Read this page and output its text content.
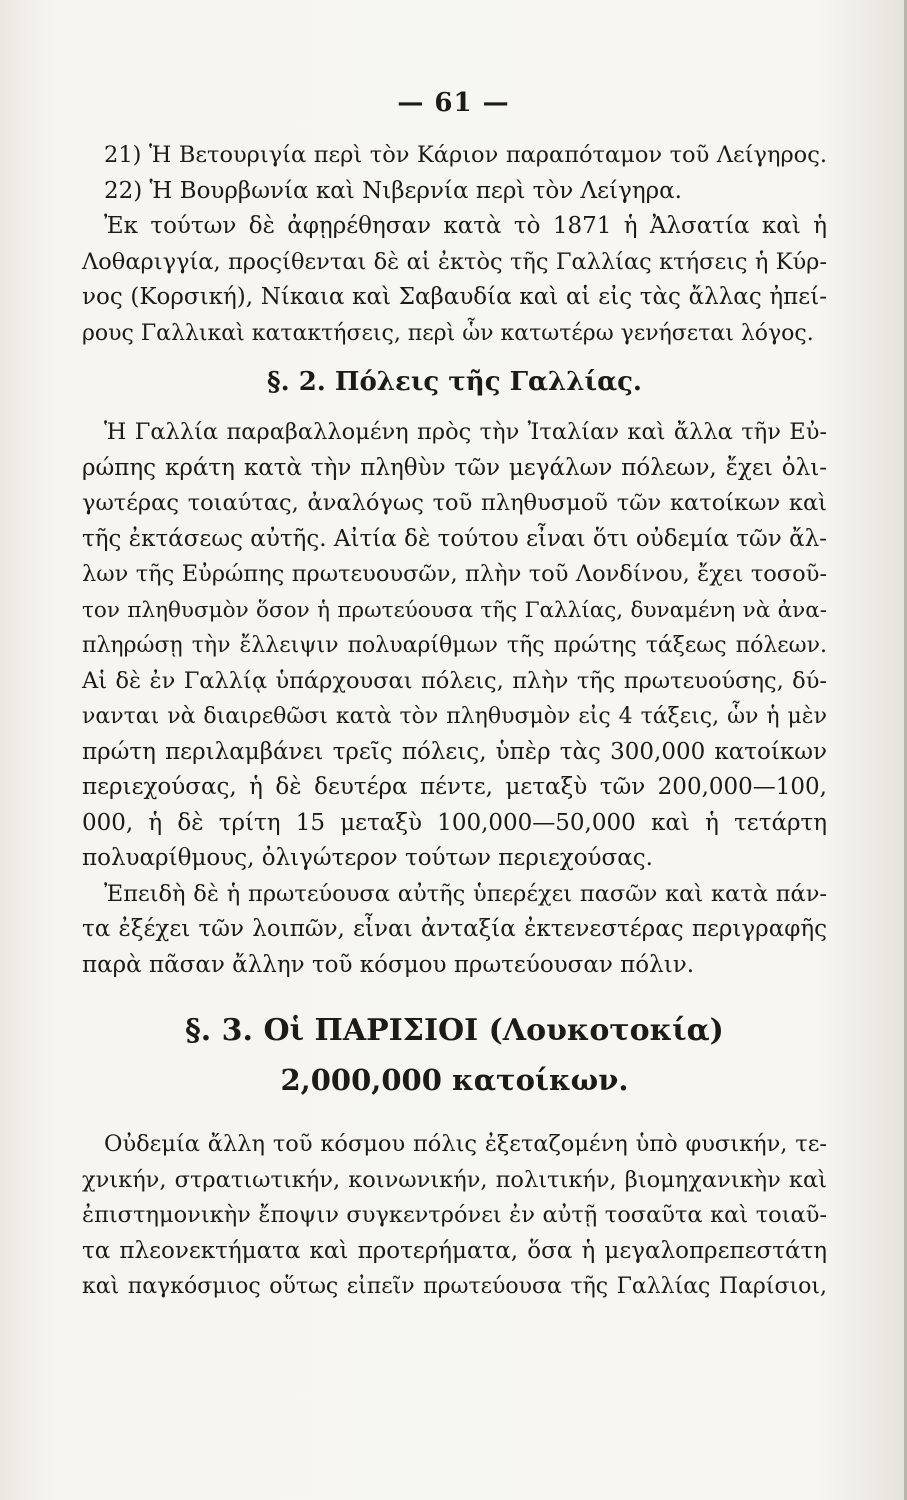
— 61 —
21) Ἡ Βετουριγία περὶ τὸν Κάριον παραπόταμον τοῦ Λείγηρος.
22) Ἡ Βουρβωνία καὶ Νιβερνία περὶ τὸν Λείγηρα.
Ἐκ τούτων δὲ ἀφῃρέθησαν κατὰ τὸ 1871 ἡ Ἀλσατία καὶ ἡ
Λοθαριγγία, προςίθενται δὲ αἱ ἐκτὸς τῆς Γαλλίας κτήσεις ἡ Κύρ-
νος (Κορσική), Νίκαια καὶ Σαβαυδία καὶ αἱ εἰς τὰς ἄλλας ἠπεί-
ρους Γαλλικαὶ κατακτήσεις, περὶ ὧν κατωτέρω γενήσεται λόγος.
§. 2. Πόλεις τῆς Γαλλίας.
Ἡ Γαλλία παραβαλλομένη πρὸς τὴν Ἰταλίαν καὶ ἄλλα τῆν Εὐ-
ρώπης κράτη κατὰ τὴν πληθὺν τῶν μεγάλων πόλεων, ἔχει ὀλι-
γωτέρας τοιαύτας, ἀναλόγως τοῦ πληθυσμοῦ τῶν κατοίκων καὶ
τῆς ἐκτάσεως αὐτῆς. Αἰτία δὲ τούτου εἶναι ὅτι οὐδεμία τῶν ἄλ-
λων τῆς Εὐρώπης πρωτευουσῶν, πλὴν τοῦ Λονδίνου, ἔχει τοσοῦ-
τον πληθυσμὸν ὅσον ἡ πρωτεύουσα τῆς Γαλλίας, δυναμένη νὰ ἀνα-
πληρώσῃ τὴν ἔλλειψιν πολυαρίθμων τῆς πρώτης τάξεως πόλεων.
Αἱ δὲ ἐν Γαλλίᾳ ὑπάρχουσαι πόλεις, πλὴν τῆς πρωτευούσης, δύ-
νανται νὰ διαιρεθῶσι κατὰ τὸν πληθυσμὸν εἰς 4 τάξεις, ὧν ἡ μὲν
πρώτη περιλαμβάνει τρεῖς πόλεις, ὑπὲρ τὰς 300,000 κατοίκων
περιεχούσας, ἡ δὲ δευτέρα πέντε, μεταξὺ τῶν 200,000—100,
000, ἡ δὲ τρίτη 15 μεταξὺ 100,000—50,000 καὶ ἡ τετάρτη
πολυαρίθμους, ὀλιγώτερον τούτων περιεχούσας.
Ἐπειδὴ δὲ ἡ πρωτεύουσα αὐτῆς ὑπερέχει πασῶν καὶ κατὰ πάν-
τα ἐξέχει τῶν λοιπῶν, εἶναι ἀνταξία ἐκτενεστέρας περιγραφῆς
παρὰ πᾶσαν ἄλλην τοῦ κόσμου πρωτεύουσαν πόλιν.
§. 3. Οἱ ΠΑΡΙΣΙΟΙ (Λουκοτοκία)
2,000,000 κατοίκων.
Οὐδεμία ἄλλη τοῦ κόσμου πόλις ἐξεταζομένη ὑπὸ φυσικήν, τε-
χνικήν, στρατιωτικήν, κοινωνικήν, πολιτικήν, βιομηχανικὴν καὶ
ἐπιστημονικὴν ἔποψιν συγκεντρόνει ἐν αὐτῇ τοσαῦτα καὶ τοιαῦ-
τα πλεονεκτήματα καὶ προτερήματα, ὅσα ἡ μεγαλοπρεπεστάτη
καὶ παγκόσμιος οὕτως εἰπεῖν πρωτεύουσα τῆς Γαλλίας Παρίσιοι,
